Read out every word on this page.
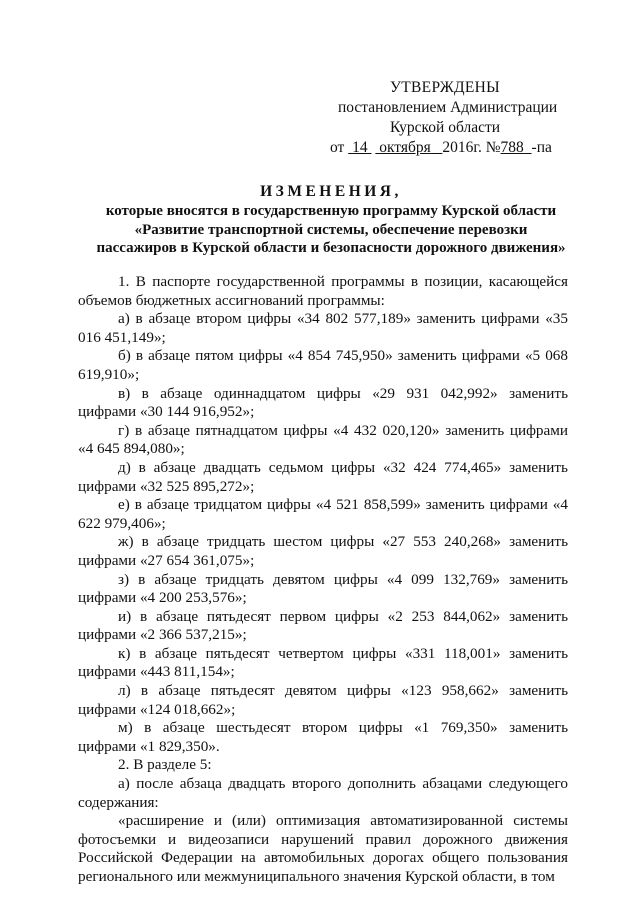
УТВЕРЖДЕНЫ
постановлением Администрации
Курской области
от 14 октября 2016г. №788 -па
ИЗМЕНЕНИЯ,
которые вносятся в государственную программу Курской области «Развитие транспортной системы, обеспечение перевозки пассажиров в Курской области и безопасности дорожного движения»

1. В паспорте государственной программы в позиции, касающейся объемов бюджетных ассигнований программы:

а) в абзаце втором цифры «34 802 577,189» заменить цифрами «35 016 451,149»;

б) в абзаце пятом цифры «4 854 745,950» заменить цифрами «5 068 619,910»;

в) в абзаце одиннадцатом цифры «29 931 042,992» заменить цифрами «30 144 916,952»;

г) в абзаце пятнадцатом цифры «4 432 020,120» заменить цифрами «4 645 894,080»;

д) в абзаце двадцать седьмом цифры «32 424 774,465» заменить цифрами «32 525 895,272»;

е) в абзаце тридцатом цифры «4 521 858,599» заменить цифрами «4 622 979,406»;

ж) в абзаце тридцать шестом цифры «27 553 240,268» заменить цифрами «27 654 361,075»;

з) в абзаце тридцать девятом цифры «4 099 132,769» заменить цифрами «4 200 253,576»;

и) в абзаце пятьдесят первом цифры «2 253 844,062» заменить цифрами «2 366 537,215»;

к) в абзаце пятьдесят четвертом цифры «331 118,001» заменить цифрами «443 811,154»;

л) в абзаце пятьдесят девятом цифры «123 958,662» заменить цифрами «124 018,662»;

м) в абзаце шестьдесят втором цифры «1 769,350» заменить цифрами «1 829,350».

2. В разделе 5:

а) после абзаца двадцать второго дополнить абзацами следующего содержания:

«расширение и (или) оптимизация автоматизированной системы фотосъемки и видеозаписи нарушений правил дорожного движения Российской Федерации на автомобильных дорогах общего пользования регионального или межмуниципального значения Курской области, в том
